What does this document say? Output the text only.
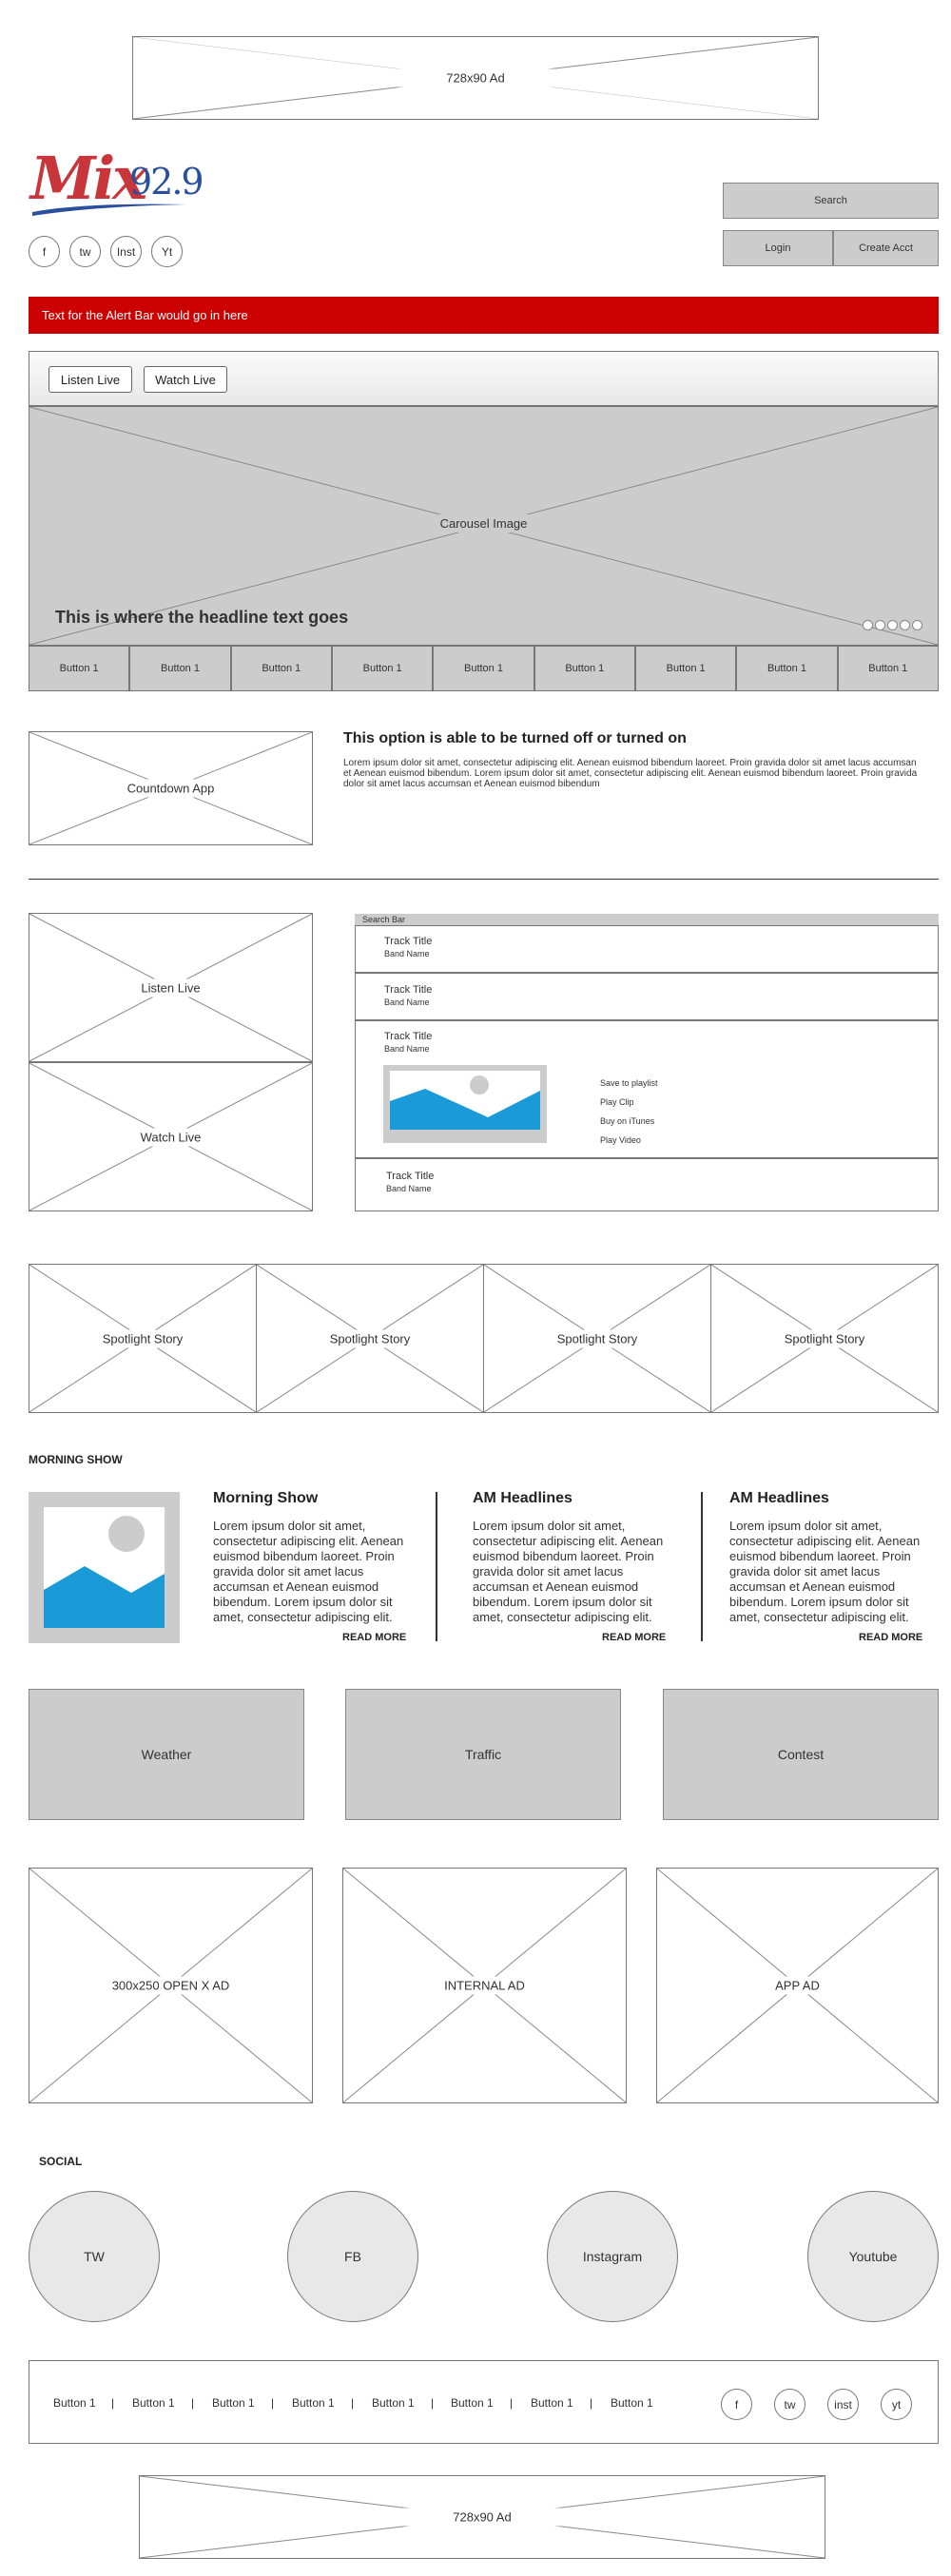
728x90 Ad
Mix
92.9
f	tw	Inst	Yt
Search
Login	Create Acct
Text for the Alert Bar would go in here
Listen Live	Watch Live
Carousel Image
This is where the headline text goes
Button 1	Button 1	Button 1	Button 1	Button 1	Button 1	Button 1	Button 1	Button 1
Countdown App
This option is able to be turned off or turned on
Lorem ipsum dolor sit amet, consectetur adipiscing elit. Aenean euismod bibendum laoreet. Proin gravida dolor sit amet lacus accumsan et Aenean euismod bibendum. Lorem ipsum dolor sit amet, consectetur adipiscing elit. Aenean euismod bibendum laoreet. Proin gravida dolor sit amet lacus accumsan et Aenean euismod bibendum
Listen Live
Watch Live
Search Bar
Track Title
Band Name
Track Title
Band Name
Track Title
Band Name
Save to playlist
Play Clip
Buy on iTunes
Play Video
Track Title
Band Name
Spotlight Story	Spotlight Story	Spotlight Story	Spotlight Story
MORNING SHOW
Morning Show

Lorem ipsum dolor sit amet, consectetur adipiscing elit. Aenean euismod bibendum laoreet. Proin gravida dolor sit amet lacus accumsan et Aenean euismod bibendum. Lorem ipsum dolor sit amet, consectetur adipiscing elit.

READ MORE
AM Headlines

Lorem ipsum dolor sit amet, consectetur adipiscing elit. Aenean euismod bibendum laoreet. Proin gravida dolor sit amet lacus accumsan et Aenean euismod bibendum. Lorem ipsum dolor sit amet, consectetur adipiscing elit.

READ MORE
AM Headlines

Lorem ipsum dolor sit amet, consectetur adipiscing elit. Aenean euismod bibendum laoreet. Proin gravida dolor sit amet lacus accumsan et Aenean euismod bibendum. Lorem ipsum dolor sit amet, consectetur adipiscing elit.

READ MORE
Weather	Traffic	Contest
300x250 OPEN X AD	INTERNAL AD	APP AD
SOCIAL
TW	FB	Instagram	Youtube
Button 1 | Button 1 | Button 1 | Button 1 | Button 1 | Button 1 | Button 1 | Button 1	f	tw	inst	yt
728x90 Ad
